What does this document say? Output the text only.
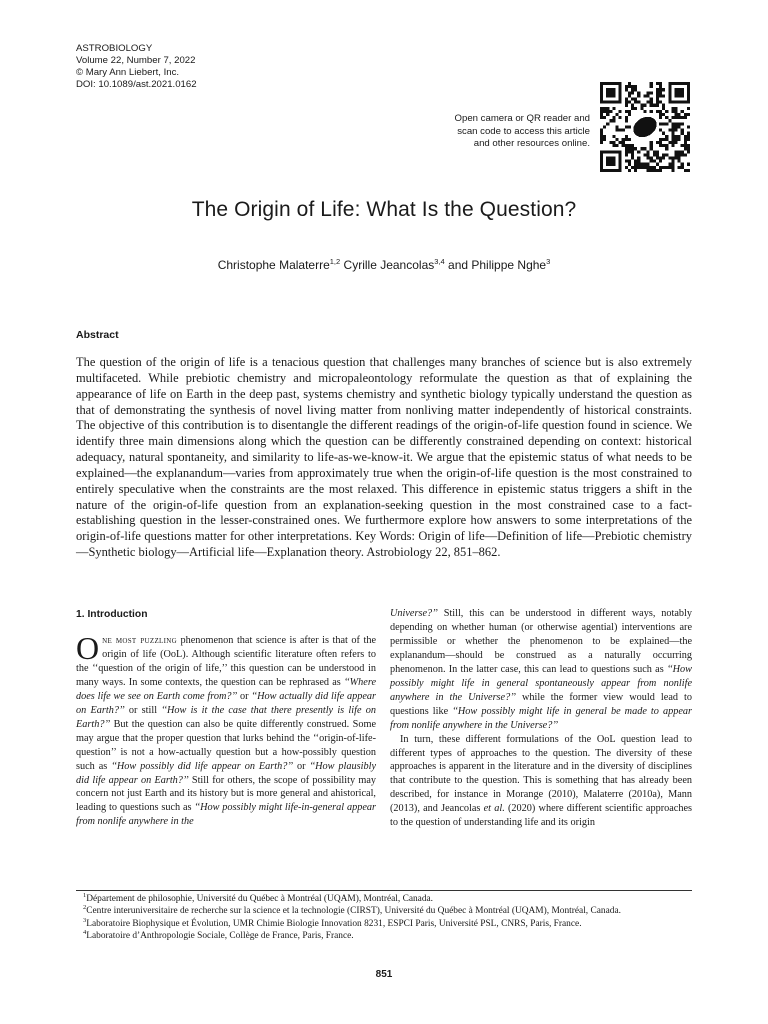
ASTROBIOLOGY
Volume 22, Number 7, 2022
© Mary Ann Liebert, Inc.
DOI: 10.1089/ast.2021.0162
Open camera or QR reader and
scan code to access this article
and other resources online.
The Origin of Life: What Is the Question?
Christophe Malaterre$^{1,2}$ Cyrille Jeancolas$^{3,4}$ and Philippe Nghe$^3$
Abstract

The question of the origin of life is a tenacious question that challenges many branches of science but is also extremely multifaceted. While prebiotic chemistry and micropaleontology reformulate the question as that of explaining the appearance of life on Earth in the deep past, systems chemistry and synthetic biology typically understand the question as that of demonstrating the synthesis of novel living matter from nonliving matter independently of historical constraints. The objective of this contribution is to disentangle the different readings of the origin-of-life question found in science. We identify three main dimensions along which the question can be differently constrained depending on context: historical adequacy, natural spontaneity, and similarity to life-as-we-know-it. We argue that the epistemic status of what needs to be explained—the explanandum—varies from approximately true when the origin-of-life question is the most constrained to entirely speculative when the constraints are the most relaxed. This difference in epistemic status triggers a shift in the nature of the origin-of-life question from an explanation-seeking question in the most constrained case to a fact-establishing question in the lesser-constrained ones. We furthermore explore how answers to some interpretations of the origin-of-life questions matter for other interpretations. Key Words: Origin of life—Definition of life—Prebiotic chemistry—Synthetic biology—Artificial life—Explanation theory. Astrobiology 22, 851–862.

1. Introduction

One most puzzling phenomenon that science is after is that of the origin of life (OoL). Although scientific literature often refers to the ‘‘question of the origin of life,’’ this question can be understood in many ways. In some contexts, the question can be rephrased as ‘‘Where does life we see on Earth come from?’’ or ‘‘How actually did life appear on Earth?’’ or still ‘‘How is it the case that there presently is life on Earth?’’ But the question can also be quite differently construed. Some may argue that the proper question that lurks behind the ‘‘origin-of-life-question’’ is not a how-actually question but a how-possibly question such as ‘‘How possibly did life appear on Earth?’’ or ‘‘How plausibly did life appear on Earth?’’ Still for others, the scope of possibility may concern not just Earth and its history but is more general and ahistorical, leading to questions such as ‘‘How possibly might life-in-general appear from nonlife anywhere in the

Universe?’’ Still, this can be understood in different ways, notably depending on whether human (or otherwise agential) interventions are permissible or whether the phenomenon to be explained—the explanandum—should be construed as a naturally occurring phenomenon. In the latter case, this can lead to questions such as ‘‘How possibly might life in general spontaneously appear from nonlife anywhere in the Universe?’’ while the former view would lead to questions like ‘‘How possibly might life in general be made to appear from nonlife anywhere in the Universe?’’

In turn, these different formulations of the OoL question lead to different types of approaches to the question. The diversity of these approaches is apparent in the literature and in the diversity of disciplines that contribute to the question. This is something that has already been described, for instance in Morange (2010), Malaterre (2010a), Mann (2013), and Jeancolas et al. (2020) where different scientific approaches to the question of understanding life and its origin

$^1$Département de philosophie, Université du Québec à Montréal (UQAM), Montréal, Canada.
$^2$Centre interuniversitaire de recherche sur la science et la technologie (CIRST), Université du Québec à Montréal (UQAM), Montréal, Canada.
$^3$Laboratoire Biophysique et Évolution, UMR Chimie Biologie Innovation 8231, ESPCI Paris, Université PSL, CNRS, Paris, France.
$^4$Laboratoire d’Anthropologie Sociale, Collège de France, Paris, France.
851
